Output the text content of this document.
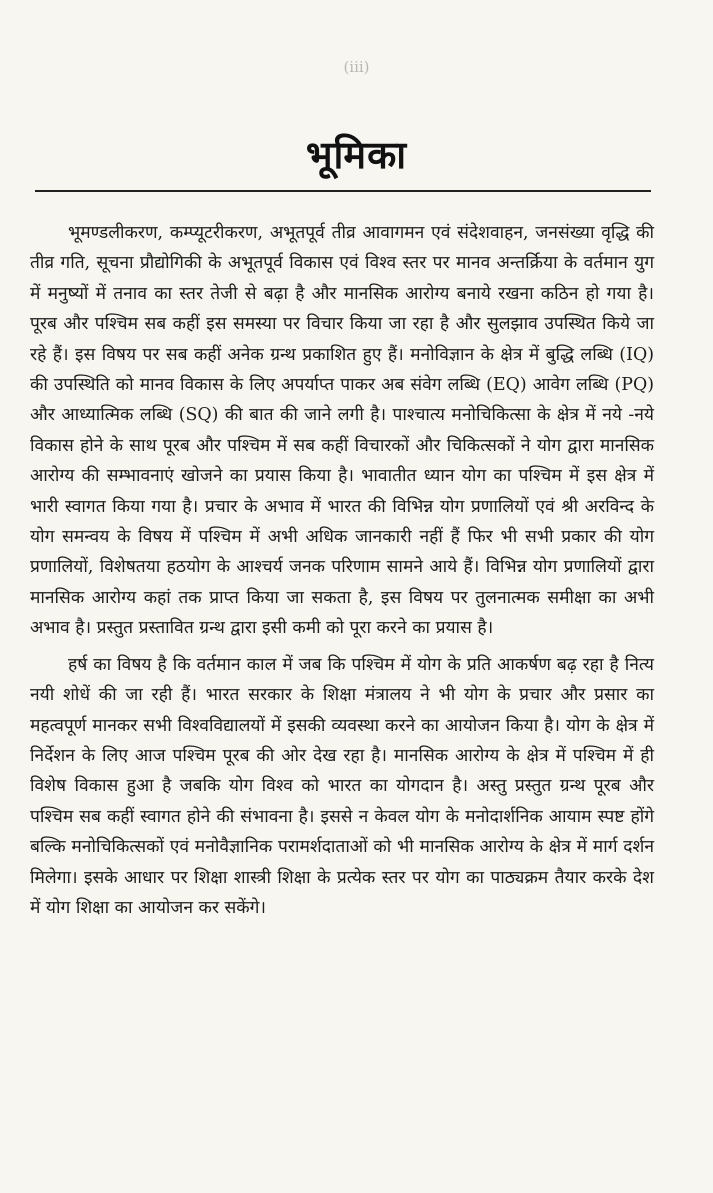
(iii)
भूमिका

भूमण्डलीकरण, कम्प्यूटरीकरण, अभूतपूर्व तीव्र आवागमन एवं संदेशवाहन, जनसंख्या वृद्धि की तीव्र गति, सूचना प्रौद्योगिकी के अभूतपूर्व विकास एवं विश्व स्तर पर मानव अन्तर्क्रिया के वर्तमान युग में मनुष्यों में तनाव का स्तर तेजी से बढ़ा है और मानसिक आरोग्य बनाये रखना कठिन हो गया है। पूरब और पश्चिम सब कहीं इस समस्या पर विचार किया जा रहा है और सुलझाव उपस्थित किये जा रहे हैं। इस विषय पर सब कहीं अनेक ग्रन्थ प्रकाशित हुए हैं। मनोविज्ञान के क्षेत्र में बुद्धि लब्धि (IQ) की उपस्थिति को मानव विकास के लिए अपर्याप्त पाकर अब संवेग लब्धि (EQ) आवेग लब्धि (PQ) और आध्यात्मिक लब्धि (SQ) की बात की जाने लगी है। पाश्चात्य मनोचिकित्सा के क्षेत्र में नये -नये विकास होने के साथ पूरब और पश्चिम में सब कहीं विचारकों और चिकित्सकों ने योग द्वारा मानसिक आरोग्य की सम्भावनाएं खोजने का प्रयास किया है। भावातीत ध्यान योग का पश्चिम में इस क्षेत्र में भारी स्वागत किया गया है। प्रचार के अभाव में भारत की विभिन्न योग प्रणालियों एवं श्री अरविन्द के योग समन्वय के विषय में पश्चिम में अभी अधिक जानकारी नहीं हैं फिर भी सभी प्रकार की योग प्रणालियों, विशेषतया हठयोग के आश्चर्य जनक परिणाम सामने आये हैं। विभिन्न योग प्रणालियों द्वारा मानसिक आरोग्य कहां तक प्राप्त किया जा सकता है, इस विषय पर तुलनात्मक समीक्षा का अभी अभाव है। प्रस्तुत प्रस्तावित ग्रन्थ द्वारा इसी कमी को पूरा करने का प्रयास है।

हर्ष का विषय है कि वर्तमान काल में जब कि पश्चिम में योग के प्रति आकर्षण बढ़ रहा है नित्य नयी शोधें की जा रही हैं। भारत सरकार के शिक्षा मंत्रालय ने भी योग के प्रचार और प्रसार का महत्वपूर्ण मानकर सभी विश्वविद्यालयों में इसकी व्यवस्था करने का आयोजन किया है। योग के क्षेत्र में निर्देशन के लिए आज पश्चिम पूरब की ओर देख रहा है। मानसिक आरोग्य के क्षेत्र में पश्चिम में ही विशेष विकास हुआ है जबकि योग विश्व को भारत का योगदान है। अस्तु प्रस्तुत ग्रन्थ पूरब और पश्चिम सब कहीं स्वागत होने की संभावना है। इससे न केवल योग के मनोदार्शनिक आयाम स्पष्ट होंगे बल्कि मनोचिकित्सकों एवं मनोवैज्ञानिक परामर्शदाताओं को भी मानसिक आरोग्य के क्षेत्र में मार्ग दर्शन मिलेगा। इसके आधार पर शिक्षा शास्त्री शिक्षा के प्रत्येक स्तर पर योग का पाठ्यक्रम तैयार करके देश में योग शिक्षा का आयोजन कर सकेंगे।
